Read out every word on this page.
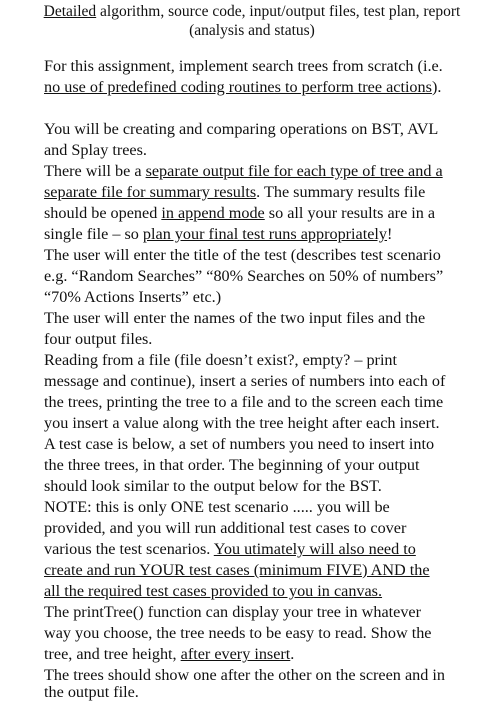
Detailed algorithm, source code, input/output files, test plan, report
(analysis and status)
For this assignment, implement search trees from scratch (i.e.
no use of predefined coding routines to perform tree actions).
You will be creating and comparing operations on BST, AVL
and Splay trees.
There will be a separate output file for each type of tree and a
separate file for summary results. The summary results file
should be opened in append mode so all your results are in a
single file – so plan your final test runs appropriately!
The user will enter the title of the test (describes test scenario
e.g. “Random Searches” “80% Searches on 50% of numbers”
“70% Actions Inserts” etc.)
The user will enter the names of the two input files and the
four output files.
Reading from a file (file doesn’t exist?, empty? – print
message and continue), insert a series of numbers into each of
the trees, printing the tree to a file and to the screen each time
you insert a value along with the tree height after each insert.
A test case is below, a set of numbers you need to insert into
the three trees, in that order. The beginning of your output
should look similar to the output below for the BST.
NOTE: this is only ONE test scenario ..... you will be
provided, and you will run additional test cases to cover
various the test scenarios. You utimately will also need to
create and run YOUR test cases (minimum FIVE) AND the
all the required test cases provided to you in canvas.
The printTree() function can display your tree in whatever
way you choose, the tree needs to be easy to read. Show the
tree, and tree height, after every insert.
The trees should show one after the other on the screen and in
the output file.
